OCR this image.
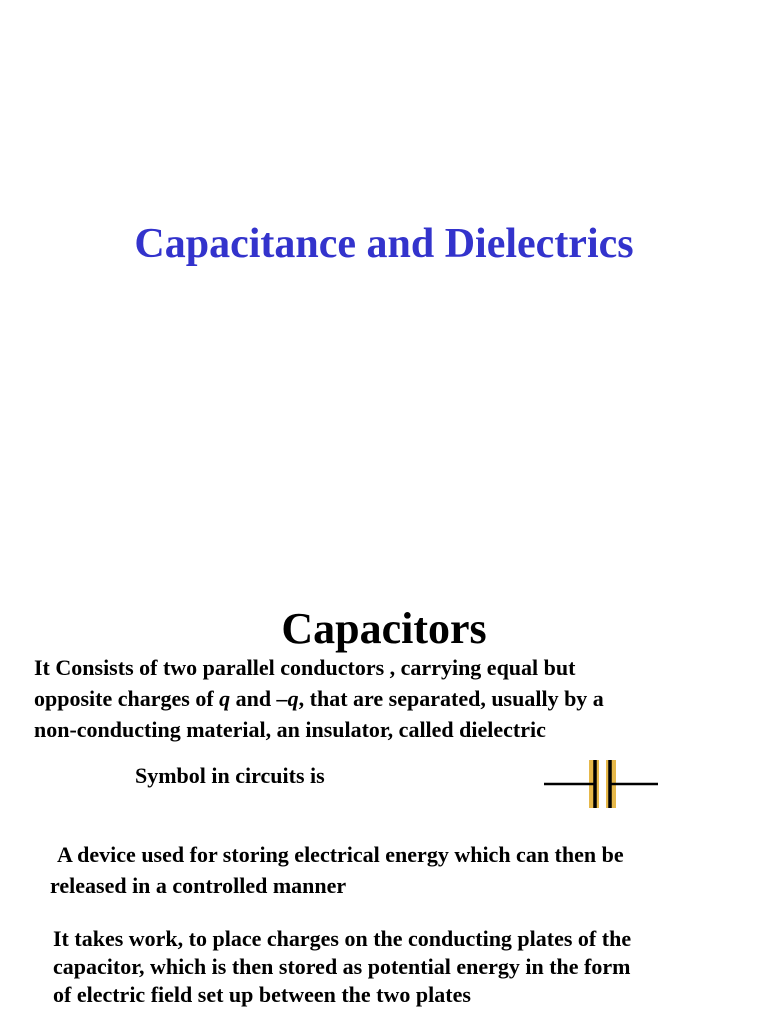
Capacitance and Dielectrics
Capacitors

It Consists of two parallel conductors , carrying equal but
opposite charges of q and –q, that are separated, usually by a
non-conducting material, an insulator, called dielectric

Symbol in circuits is

A device used for storing electrical energy which can then be
released in a controlled manner

It takes work, to place charges on the conducting plates of the
capacitor, which is then stored as potential energy in the form
of electric field set up between the two plates
